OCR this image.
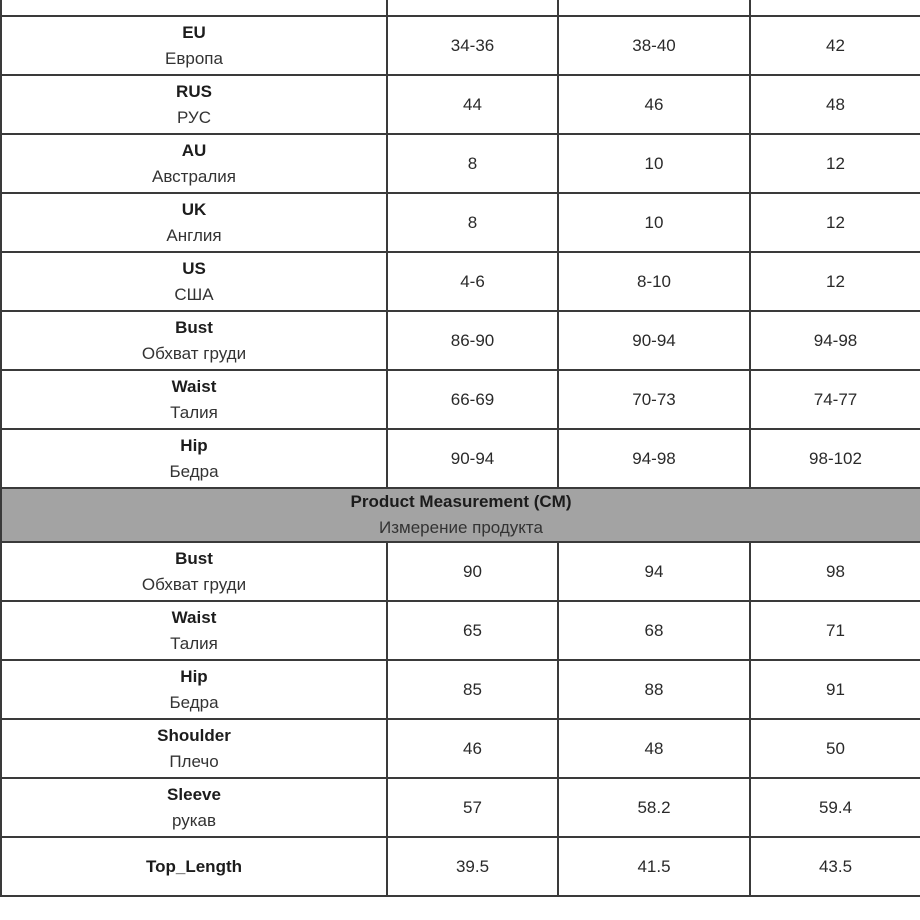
EU
Европа	34-36	38-40	42

RUS
РУС	44	46	48

AU
Австралия	8	10	12

UK
Англия	8	10	12

US
США	4-6	8-10	12

Bust
Обхват груди	86-90	90-94	94-98

Waist
Талия	66-69	70-73	74-77

Hip
Бедра	90-94	94-98	98-102

Product Measurement (CM)
Измерение продукта			

Bust
Обхват груди	90	94	98

Waist
Талия	65	68	71

Hip
Бедра	85	88	91

Shoulder
Плечо	46	48	50

Sleeve
рукав	57	58.2	59.4

Top_Length	39.5	41.5	43.5
